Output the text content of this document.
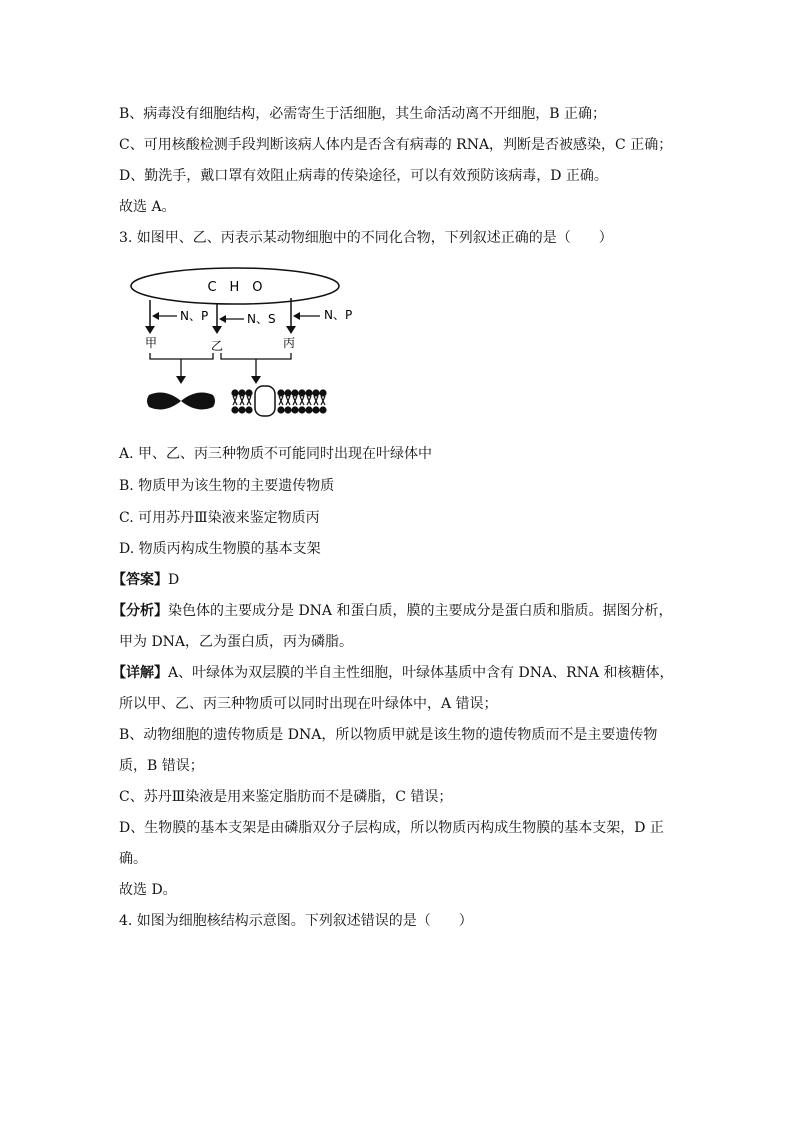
B、病毒没有细胞结构，必需寄生于活细胞，其生命活动离不开细胞，B 正确；
C、可用核酸检测手段判断该病人体内是否含有病毒的 RNA，判断是否被感染，C 正确；
D、勤洗手，戴口罩有效阻止病毒的传染途径，可以有效预防该病毒，D 正确。
故选 A。
3. 如图甲、乙、丙表示某动物细胞中的不同化合物，下列叙述正确的是（　　）
C　H　O
N、P	N、S	N、P
甲	乙	丙
A. 甲、乙、丙三种物质不可能同时出现在叶绿体中
B. 物质甲为该生物的主要遗传物质
C. 可用苏丹Ⅲ染液来鉴定物质丙
D. 物质丙构成生物膜的基本支架
【答案】D
【分析】染色体的主要成分是 DNA 和蛋白质，膜的主要成分是蛋白质和脂质。据图分析，
甲为 DNA，乙为蛋白质，丙为磷脂。
【详解】A、叶绿体为双层膜的半自主性细胞，叶绿体基质中含有 DNA、RNA 和核糖体，
所以甲、乙、丙三种物质可以同时出现在叶绿体中，A 错误；
B、动物细胞的遗传物质是 DNA，所以物质甲就是该生物的遗传物质而不是主要遗传物
质，B 错误；
C、苏丹Ⅲ染液是用来鉴定脂肪而不是磷脂，C 错误；
D、生物膜的基本支架是由磷脂双分子层构成，所以物质丙构成生物膜的基本支架，D 正
确。
故选 D。
4. 如图为细胞核结构示意图。下列叙述错误的是（　　）
